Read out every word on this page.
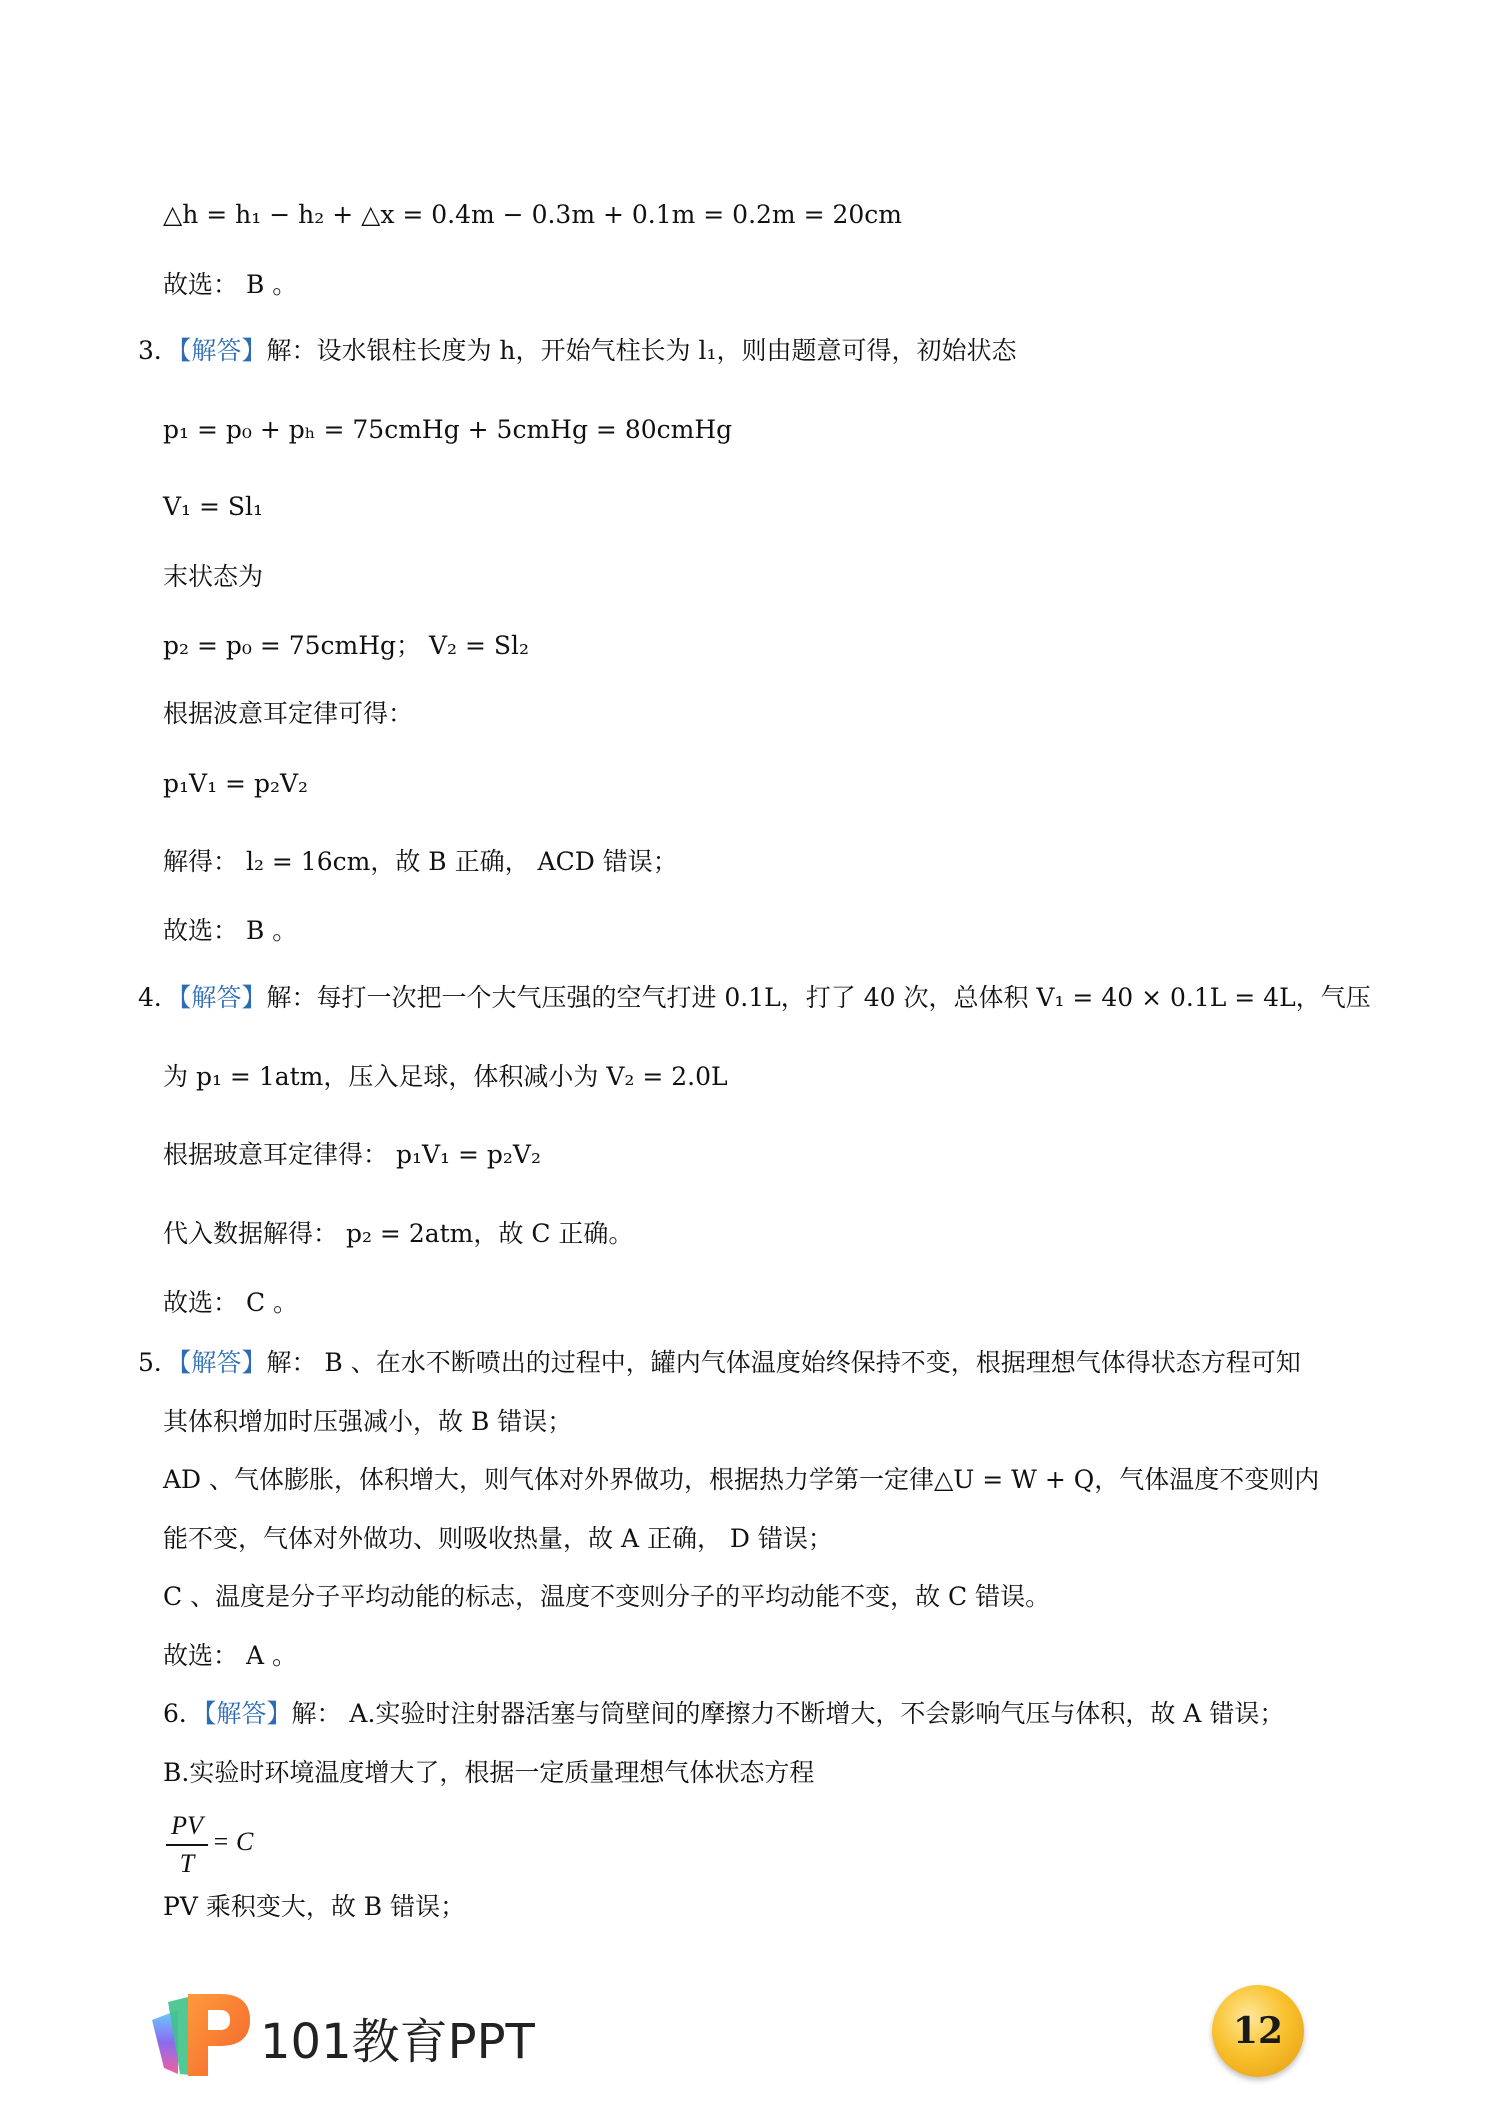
△h = h₁ − h₂ + △x = 0.4m − 0.3m + 0.1m = 0.2m = 20cm
故选： B 。
3．【解答】解：设水银柱长度为 h，开始气柱长为 l₁，则由题意可得，初始状态
p₁ = p₀ + pₕ = 75cmHg + 5cmHg = 80cmHg
V₁ = Sl₁
末状态为
p₂ = p₀ = 75cmHg； V₂ = Sl₂
根据波意耳定律可得：
p₁V₁ = p₂V₂
解得： l₂ = 16cm，故 B 正确， ACD 错误；
故选： B 。
4．【解答】解：每打一次把一个大气压强的空气打进 0.1L，打了 40 次，总体积 V₁ = 40 × 0.1L = 4L，气压
为 p₁ = 1atm，压入足球，体积减小为 V₂ = 2.0L
根据玻意耳定律得： p₁V₁ = p₂V₂
代入数据解得： p₂ = 2atm，故 C 正确。
故选： C 。
5．【解答】解： B 、在水不断喷出的过程中，罐内气体温度始终保持不变，根据理想气体得状态方程可知
其体积增加时压强减小，故 B 错误；
AD 、气体膨胀，体积增大，则气体对外界做功，根据热力学第一定律△U = W + Q，气体温度不变则内
能不变，气体对外做功、则吸收热量，故 A 正确， D 错误；
C 、温度是分子平均动能的标志，温度不变则分子的平均动能不变，故 C 错误。
故选： A 。
6．【解答】解： A.实验时注射器活塞与筒壁间的摩擦力不断增大，不会影响气压与体积，故 A 错误；
B.实验时环境温度增大了，根据一定质量理想气体状态方程
PV
T
= C
PV 乘积变大，故 B 错误；
101教育PPT	12
